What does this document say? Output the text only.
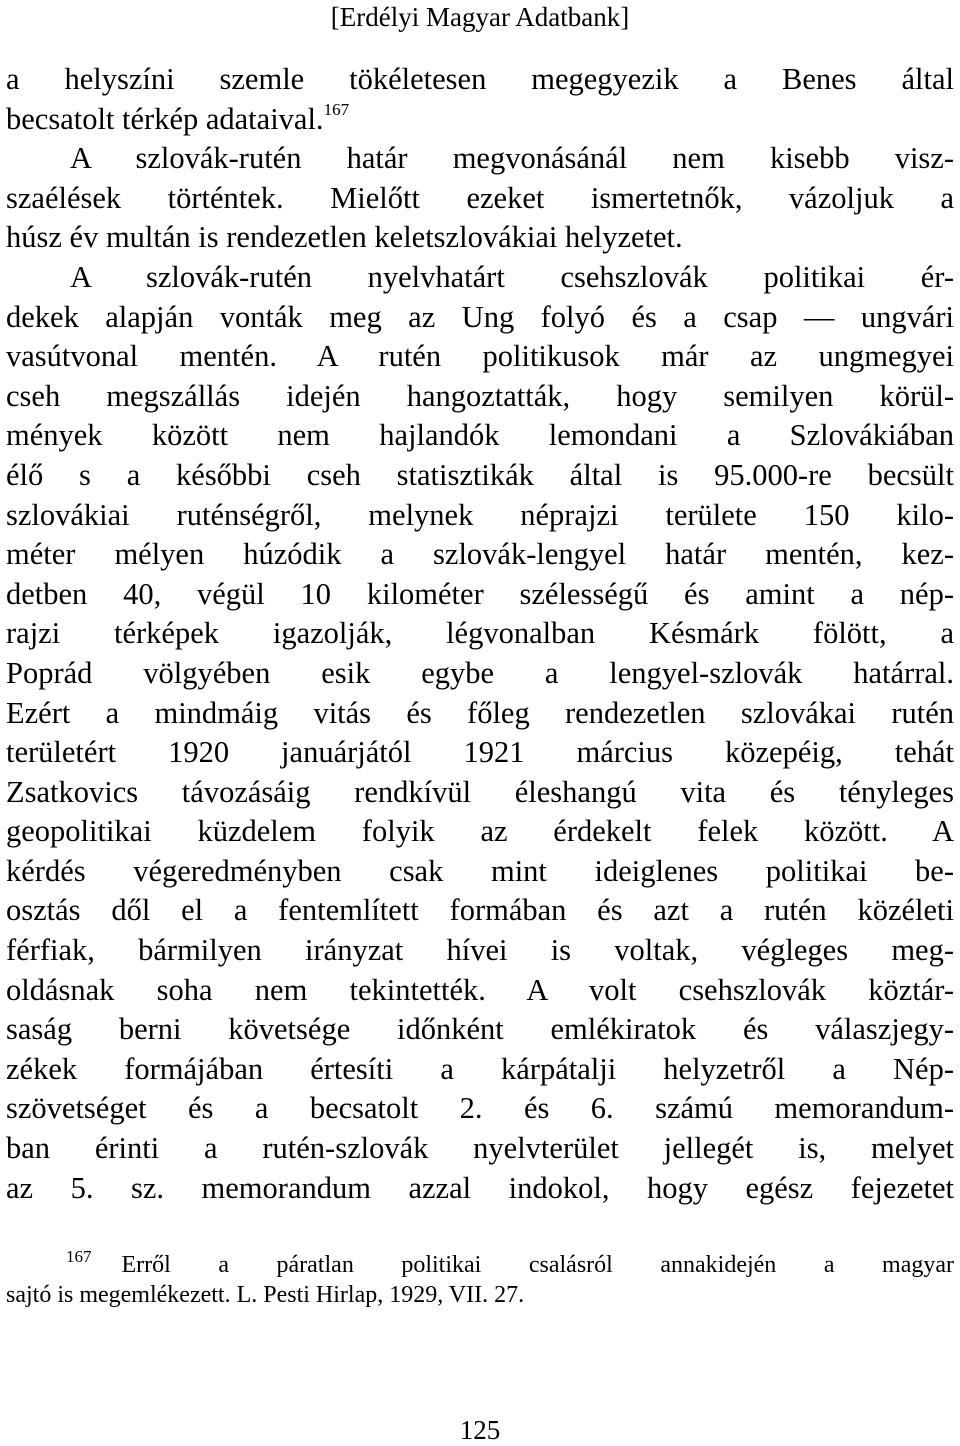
[Erdélyi Magyar Adatbank]
a helyszíni szemle tökéletesen megegyezik a Benes által
becsatolt térkép adataival.$^{167}$
A szlovák-rutén határ megvonásánál nem kisebb visz-
szaélések történtek. Mielőtt ezeket ismertetnők, vázoljuk a
húsz év multán is rendezetlen keletszlovákiai helyzetet.
A szlovák-rutén nyelvhatárt csehszlovák politikai ér-
dekek alapján vonták meg az Ung folyó és a csap — ungvári
vasútvonal mentén. A rutén politikusok már az ungmegyei
cseh megszállás idején hangoztatták, hogy semilyen körül-
mények között nem hajlandók lemondani a Szlovákiában
élő s a későbbi cseh statisztikák által is 95.000-re becsült
szlovákiai ruténségről, melynek néprajzi területe 150 kilo-
méter mélyen húzódik a szlovák-lengyel határ mentén, kez-
detben 40, végül 10 kilométer szélességű és amint a nép-
rajzi térképek igazolják, légvonalban Késmárk fölött, a
Poprád völgyében esik egybe a lengyel-szlovák határral.
Ezért a mindmáig vitás és főleg rendezetlen szlovákai rutén
területért 1920 januárjától 1921 március közepéig, tehát
Zsatkovics távozásáig rendkívül éleshangú vita és tényleges
geopolitikai küzdelem folyik az érdekelt felek között. A
kérdés végeredményben csak mint ideiglenes politikai be-
osztás dől el a fentemlített formában és azt a rutén közéleti
férfiak, bármilyen irányzat hívei is voltak, végleges meg-
oldásnak soha nem tekintették. A volt csehszlovák köztár-
saság berni követsége időnként emlékiratok és válaszjegy-
zékek formájában értesíti a kárpátalji helyzetről a Nép-
szövetséget és a becsatolt 2. és 6. számú memorandum-
ban érinti a rutén-szlovák nyelvterület jellegét is, melyet
az 5. sz. memorandum azzal indokol, hogy egész fejezetet
167 Erről a páratlan politikai csalásról annakidején a magyar
sajtó is megemlékezett. L. Pesti Hirlap, 1929, VII. 27.
125
